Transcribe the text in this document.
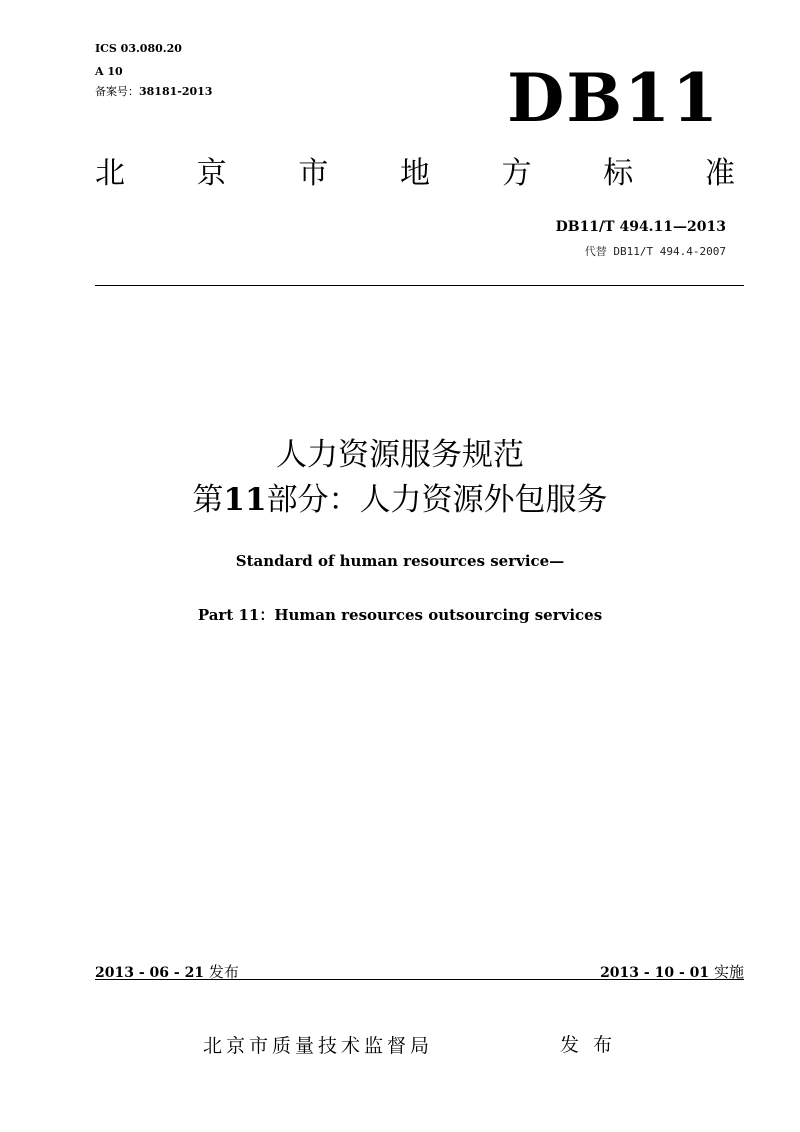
ICS 03.080.20
A 10
备案号：38181-2013	DB11
北 京 市 地 方 标 准
DB11/T 494.11—2013
代替 DB11/T 494.4-2007
人力资源服务规范
第11部分：人力资源外包服务
Standard of human resources service—
Part 11：Human resources outsourcing services
2013 - 06 - 21 发布	2013 - 10 - 01 实施
北京市质量技术监督局	发 布
